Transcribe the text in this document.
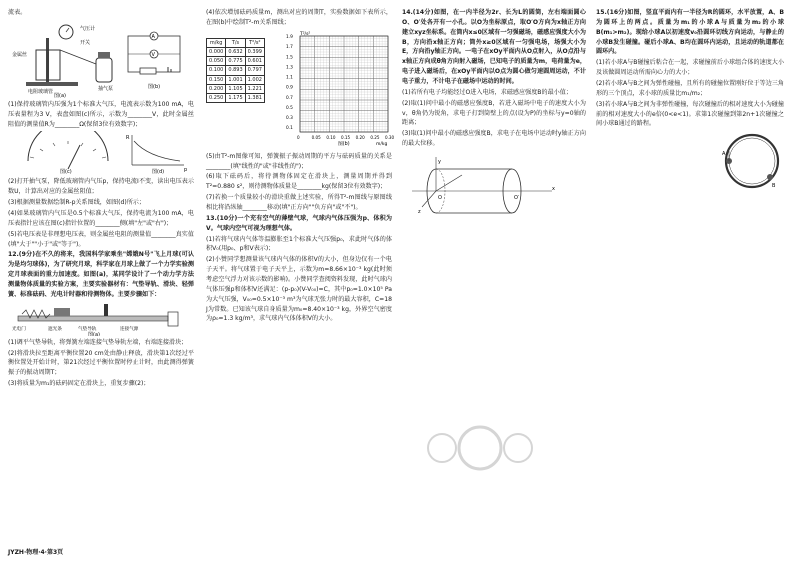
流表。

气压计
开关
金属丝
抽气泵
电阻玻璃管
图(a)
A
V
图(b)

(1)保持玻璃管内压强为1个标准大气压，电流表示数为100 mA，电压表量程为3 V，表盘如图(c)所示，示数为________V，此时金属丝阻值的测量值R为________Ω(保留3位有效数字)；

图(c)
R
p
图(d)

(2)打开抽气泵，降低玻璃管内气压p，保持电流I不变，读出电压表示数U，计算出对应的金属丝阻值；

(3)根据测量数据绘制R-p关系图线，如图(d)所示；

(4)如果玻璃管内气压是0.5个标准大气压，保持电流为100 mA，电压表指针应该在图(c)指针位置的________侧(填"左"或"右")；

(5)若电压表是非理想电压表，则金属丝电阻的测量值________真实值(填"大于""小于"或"等于")。

12.(9分)在不久的将来，我国科学家乘坐"嫦娥N号"飞上月球(可认为是均匀球体)，为了研究月球，科学家在月球上做了一个力学实验测定月球表面的重力加速度。如图(a)，某同学设计了一个动力学方法测量物体质量的实验方案，主要实验器材有：气垫导轨、滑块、轻弹簧、标准砝码、光电计时器和待测物体。主要步骤如下：

光电门	遮光条	气垫导轨	连接气源
图(a)

(1)调平气垫导轨，将弹簧左端连接气垫导轨左端，右端连接滑块；

(2)将滑块拉至距离平衡位置20 cm处由静止释放，滑块第1次经过平衡位置处开始计时，第21次经过平衡位置时停止计时，由此测得弹簧振子的振动周期T；

(3)将质量为m₁的砝码固定在滑块上，重复步骤(2)；

(4)依次增加砝码质量m，测出对应的周期T，实验数据如下表所示，在图(b)中绘制T²-m关系图线；

m/kg	T/s	T²/s²
0.000	0.632	0.399
0.050	0.775	0.601
0.100	0.893	0.797
0.150	1.001	1.002
0.200	1.105	1.221
0.250	1.175	1.381
1.9
1.7
1.5
1.3
1.1
0.9
0.7
0.5
0.3
0.1
0	0.05 0.10 0.15 0.20 0.25 0.30
T²/s²
m/kg
图(b)

(5)由T²-m图像可知，弹簧振子振动周期的平方与砝码质量的关系是________(填"线性的"或"非线性的")；

(6)取下砝码后，将待测物体固定在滑块上，测量周期并得到T²=0.880 s²，则待测物体质量是________kg(保留3位有效数字)；

(7)若换一个质量较小的滑块重做上述实验，所得T²-m图线与原图线相比将沿纵轴________移动(填"正方向""负方向"或"不")。

13.(10分)一个充有空气的薄壁气球，气球内气体压强为p、体积为V。气球内空气可视为理想气体。

(1)若将气球内气体等温膨胀至1个标准大气压强p₀，求此时气体的体积V₀(用p₀、p和V表示)；

(2)小赞同学想测量该气球内气体的体积V的大小，但身边仅有一个电子天平。将气球置于电子天平上，示数为m=8.66×10⁻³ kg(此时须考虑空气浮力对该示数的影响)。小赞同学查阅资料发现，此时气球内气体压强p和体积V还满足：(p-p₀)(V-V₀₀)=C，其中p₀=1.0×10⁵ Pa为大气压强，V₀₀=0.5×10⁻³ m³为气球无张力时的最大容积，C=18 J为常数。已知该气球自身质量为m₀=8.40×10⁻³ kg，外界空气密度为ρ₀=1.3 kg/m³，求气球内气体体积V的大小。

14.(14分)如图，在一内半径为2r、长为L的圆筒，左右端面圆心O、O′处各开有一小孔。以O为坐标原点，取O′O方向为x轴正方向建立xyz坐标系。在筒内x≤0区域有一匀强磁场，磁感应强度大小为B，方向沿x轴正方向；筒外x≥0区域有一匀强电场，场强大小为E，方向沿y轴正方向。一电子在xOy平面内从O点射入，从O点沿与x轴正方向成θ角方向射入磁场，已知电子的质量为m，电荷量为e，电子进入磁场后，在xOy平面内以O点为圆心做匀速圆周运动，不计电子重力，不计电子在磁场中运动的时间。

(1)若所有电子均能经过O进入电场，求磁感应强度B的最小值；

(2)取(1)问中最小的磁感应强度B，若进入磁场中电子的速度大小为v，θ角仍为锐角，求电子打到筒壁上的点(设为P)的坐标与y=0轴的距离；

(3)取(1)问中最小的磁感应强度B，求电子在电场中运动时y轴正方向的最大位移。

x
y
z
O	O′

15.(16分)如图，竖直平面内有一半径为R的圆环，水平放置，A、B为圆环上的两点。质量为m₁的小球A与质量为m₂的小球B(m₁>m₂)。现给小球A以初速度v₀沿圆环切线方向运动，与静止的小球B发生碰撞。碰后小球A、B均在圆环内运动，且运动的轨道都在圆环内。

(1)若小球A与B碰撞后粘合在一起，求碰撞前后小球组合体的速度大小及该做圆周运动所需向心力的大小；

(2)若小球A与B之间为弹性碰撞，且所有的碰撞位置刚好位于等边三角形的三个顶点，求小球的质量比m₁/m₂；

(3)若小球A与B之间为非弹性碰撞，每次碰撞后的相对速度大小为碰撞前的相对速度大小的e倍(0<e<1)。求第1次碰撞到第2n+1次碰撞之间小球B通过的路程。

A
B
JYZH·物理·4·第3页
